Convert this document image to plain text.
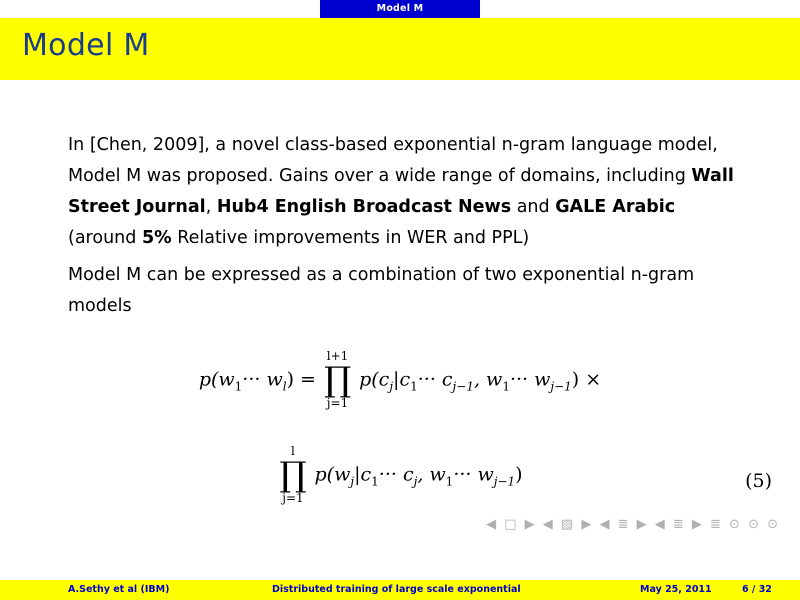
Model M
Model M
In [Chen, 2009], a novel class-based exponential n-gram language model, Model M was proposed. Gains over a wide range of domains, including Wall Street Journal, Hub4 English Broadcast News and GALE Arabic (around 5% Relative improvements in WER and PPL)
Model M can be expressed as a combination of two exponential n-gram models
$p(w_1\cdot\cdot\cdot w_l)$ =
l+1
∏
j=1
$p(c_j|c_1\cdot\cdot\cdot c_{j-1}$, $w_1\cdot\cdot\cdot w_{j-1}$) ×
l
∏
j=1
$p(w_j|c_1\cdot\cdot\cdot c_j$, $w_1\cdot\cdot\cdot w_{j-1}$)	(5)
◀ □ ▶ ◀ ▧ ▶ ◀ ≣ ▶ ◀ ≣ ▶ ≣ ⊙ ⊙ ⊙
A.Sethy et al (IBM)	Distributed training of large scale exponential	May 25, 2011	6 / 32
